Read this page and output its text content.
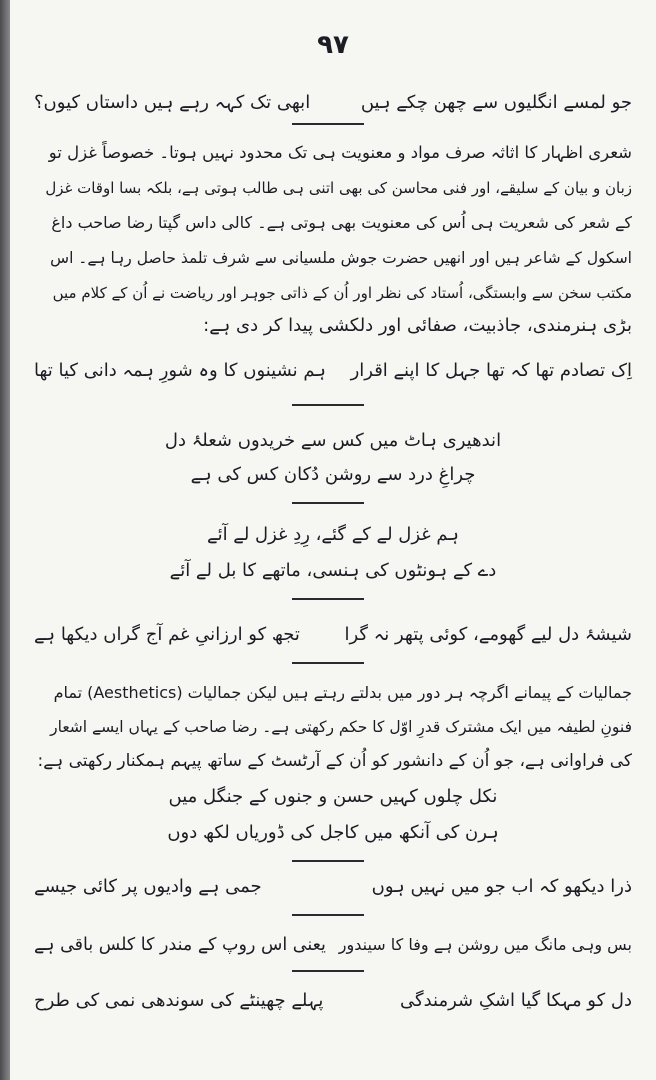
۹۷
جو لمسے انگلیوں سے چھن چکے ہیں
ابھی تک کہہ رہے ہیں داستاں کیوں؟
شعری اظہار کا اثاثہ صرف مواد و معنویت ہی تک محدود نہیں ہوتا۔ خصوصاً غزل تو
زبان و بیان کے سلیقے، اور فنی محاسن کی بھی اتنی ہی طالب ہوتی ہے، بلکہ بسا اوقات غزل
کے شعر کی شعریت ہی اُس کی معنویت بھی ہوتی ہے۔ کالی داس گپتا رضا صاحب داغ
اسکول کے شاعر ہیں اور انھیں حضرت جوش ملسیانی سے شرف تلمذ حاصل رہا ہے۔ اس
مکتب سخن سے وابستگی، اُستاد کی نظر اور اُن کے ذاتی جوہر اور ریاضت نے اُن کے کلام میں
بڑی ہنرمندی، جاذبیت، صفائی اور دلکشی پیدا کر دی ہے:
اِک تصادم تھا کہ تھا جہل کا اپنے اقرار
ہم نشینوں کا وہ شورِ ہمہ دانی کیا تھا
اندھیری ہاٹ میں کس سے خریدوں شعلۂ دل
چراغِ درد سے روشن دُکان کس کی ہے
ہم غزل لے کے گئے، رِدِ غزل لے آئے
دے کے ہونٹوں کی ہنسی، ماتھے کا بل لے آئے
شیشۂ دل لیے گھومے، کوئی پتھر نہ گرا
تجھ کو ارزانیِ غم آج گراں دیکھا ہے
جمالیات کے پیمانے اگرچہ ہر دور میں بدلتے رہتے ہیں لیکن جمالیات (Aesthetics) تمام
فنونِ لطیفہ میں ایک مشترک قدرِ اوّل کا حکم رکھتی ہے۔ رضا صاحب کے یہاں ایسے اشعار
کی فراوانی ہے، جو اُن کے دانشور کو اُن کے آرٹسٹ کے ساتھ پیہم ہمکنار رکھتی ہے:
نکل چلوں کہیں حسن و جنوں کے جنگل میں
ہرن کی آنکھ میں کاجل کی ڈوریاں لکھ دوں
ذرا دیکھو کہ اب جو میں نہیں ہوں
جمی ہے وادیوں پر کائی جیسے
بس وہی مانگ میں روشن ہے وفا کا سیندور
یعنی اس روپ کے مندر کا کلس باقی ہے
دل کو مہکا گیا اشکِ شرمندگی
پہلے چھینٹے کی سوندھی نمی کی طرح
